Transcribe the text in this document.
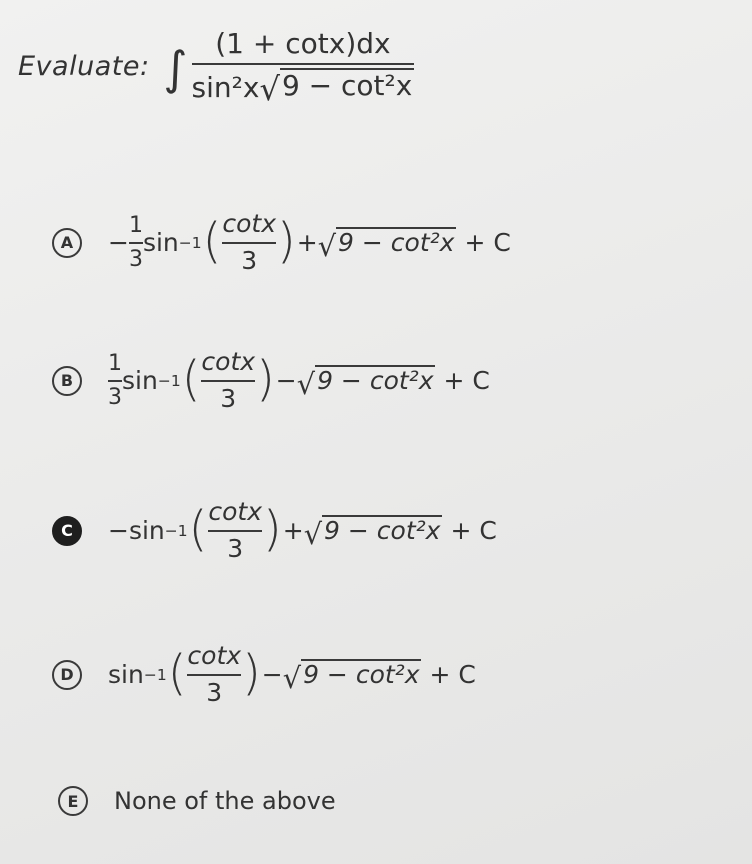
Evaluate: ∫ $\frac{(1 + \cot x)dx}{\text{sin²x √ 9 − cot²x}}$
A	− $\frac{1}{3}$ sin −1 ( $\frac{\cot x}{3}$ ) + √ 9 − cot²x + C
B	$\frac{1}{3}$ sin −1 ( $\frac{\cot x}{3}$ ) − √ 9 − cot²x + C
C	− sin −1 ( $\frac{\cot x}{3}$ ) + √ 9 − cot²x + C
D	sin −1 ( $\frac{\cot x}{3}$ ) − √ 9 − cot²x + C
E	None of the above
